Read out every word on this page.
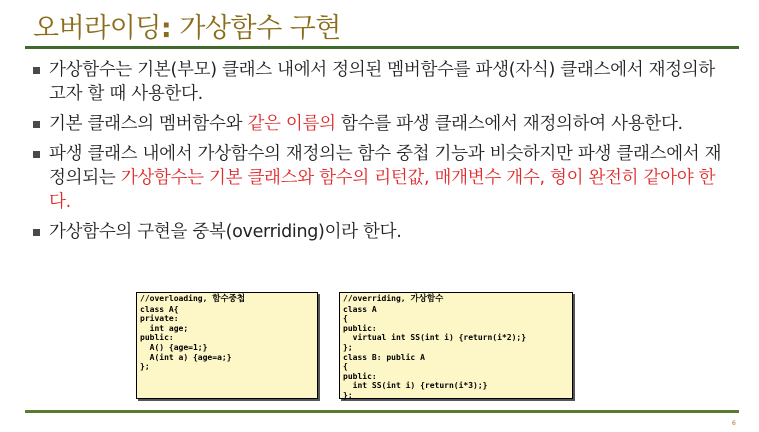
오버라이딩: 가상함수 구현
가상함수는 기본(부모) 클래스 내에서 정의된 멤버함수를 파생(자식) 클래스에서 재정의하고자 할 때 사용한다.
기본 클래스의 멤버함수와 같은 이름의 함수를 파생 클래스에서 재정의하여 사용한다.
파생 클래스 내에서 가상함수의 재정의는 함수 중첩 기능과 비슷하지만 파생 클래스에서 재정의되는 가상함수는 기본 클래스와 함수의 리턴값, 매개변수 개수, 형이 완전히 같아야 한다.
가상함수의 구현을 중복(overriding)이라 한다.
//overloading, 함수중첩
class A{
private:
int age;
public:
A() {age=1;}
A(int a) {age=a;}
};
//overriding, 가상함수
class A
{
public:
virtual int SS(int i) {return(i*2);}
};
class B: public A
{
public:
int SS(int i) {return(i*3);}
};
6
